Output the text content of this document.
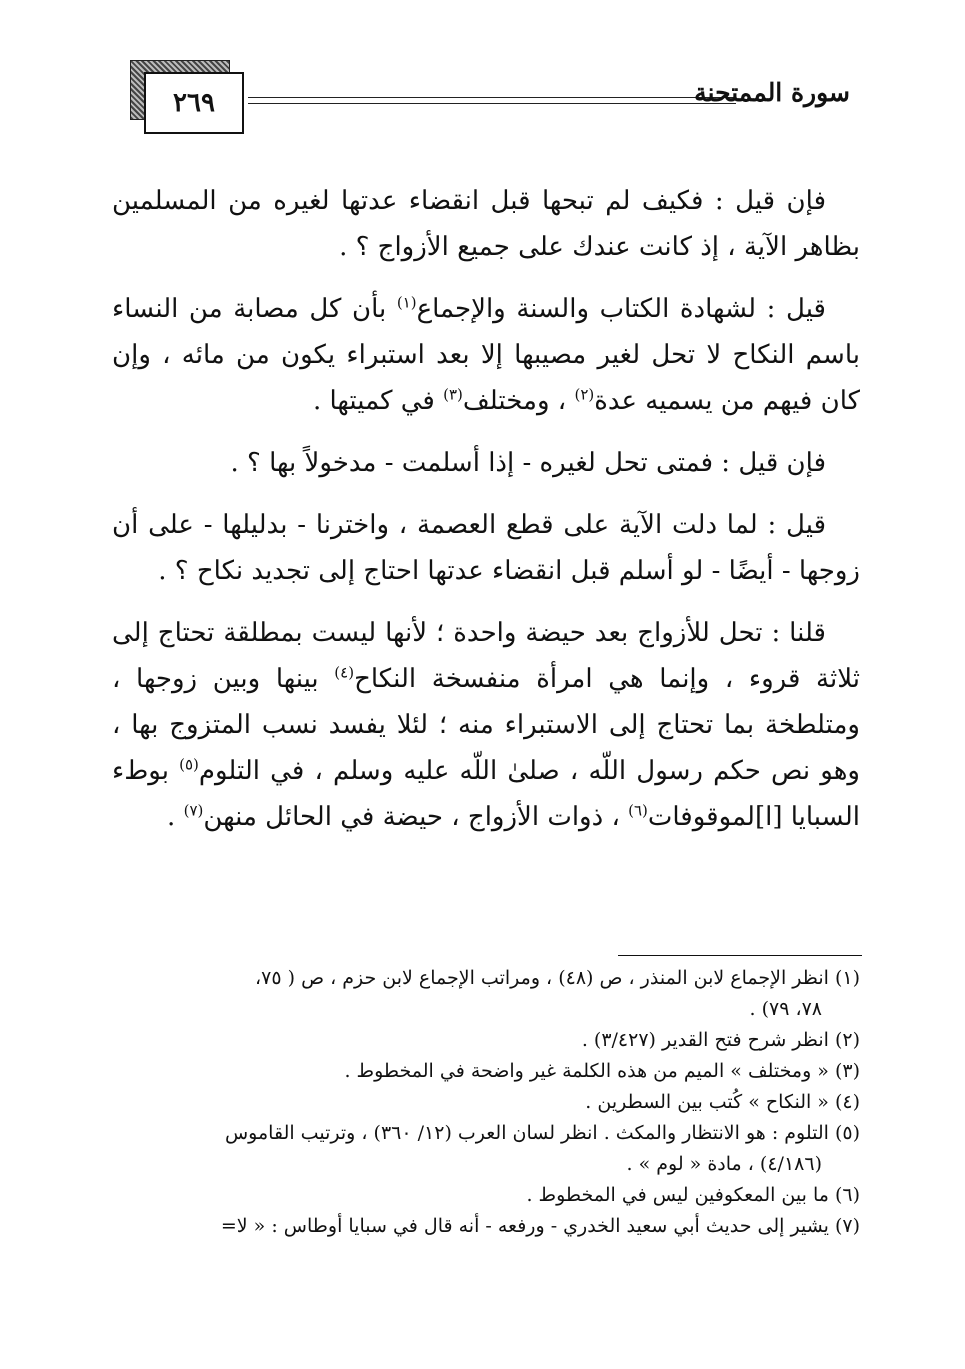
٢٦٩	سورة الممتحنة

فإن قيل : فكيف لم تبحها قبل انقضاء عدتها لغيره من المسلمين بظاهر الآية ، إذ كانت عندك على جميع الأزواج ؟ .

قيل : لشهادة الكتاب والسنة والإجماع$^{(١)}$ بأن كل مصابة من النساء باسم النكاح لا تحل لغير مصيبها إلا بعد استبراء يكون من مائه ، وإن كان فيهم من يسميه عدة$^{(٢)}$ ، ومختلف$^{(٣)}$ في كميتها .

فإن قيل : فمتى تحل لغيره - إذا أسلمت - مدخولاً بها ؟ .

قيل : لما دلت الآية على قطع العصمة ، واخترنا - بدليلها - على أن زوجها - أيضًا - لو أسلم قبل انقضاء عدتها احتاج إلى تجديد نكاح ؟ .

قلنا : تحل للأزواج بعد حيضة واحدة ؛ لأنها ليست بمطلقة تحتاج إلى ثلاثة قروء ، وإنما هي امرأة منفسخة النكاح$^{(٤)}$ بينها وبين زوجها ، ومتلطخة بما تحتاج إلى الاستبراء منه ؛ لئلا يفسد نسب المتزوج بها ، وهو نص حكم رسول اللّه ، صلىٰ اللّه عليه وسلم ، في التلوم$^{(٥)}$ بوطء السبايا [ا]لموقوفات$^{(٦)}$ ، ذوات الأزواج ، حيضة في الحائل منهن$^{(٧)}$ .

(١)انظر الإجماع لابن المنذر ، ص (٤٨) ، ومراتب الإجماع لابن حزم ، ص ( ٧٥،
٧٨، ٧٩) .
(٢)انظر شرح فتح القدير (٣/٤٢٧) .
(٣)« ومختلف » الميم من هذه الكلمة غير واضحة في المخطوط .
(٤)« النكاح » كُتب بين السطرين .
(٥)التلوم : هو الانتظار والمكث . انظر لسان العرب (١٢/ ٣٦٠) ، وترتيب القاموس
(٤/١٨٦) ، مادة « لوم » .
(٦)ما بين المعكوفين ليس في المخطوط .
(٧)يشير إلى حديث أبي سعيد الخدري - ورفعه - أنه قال في سبايا أوطاس : « لا=
